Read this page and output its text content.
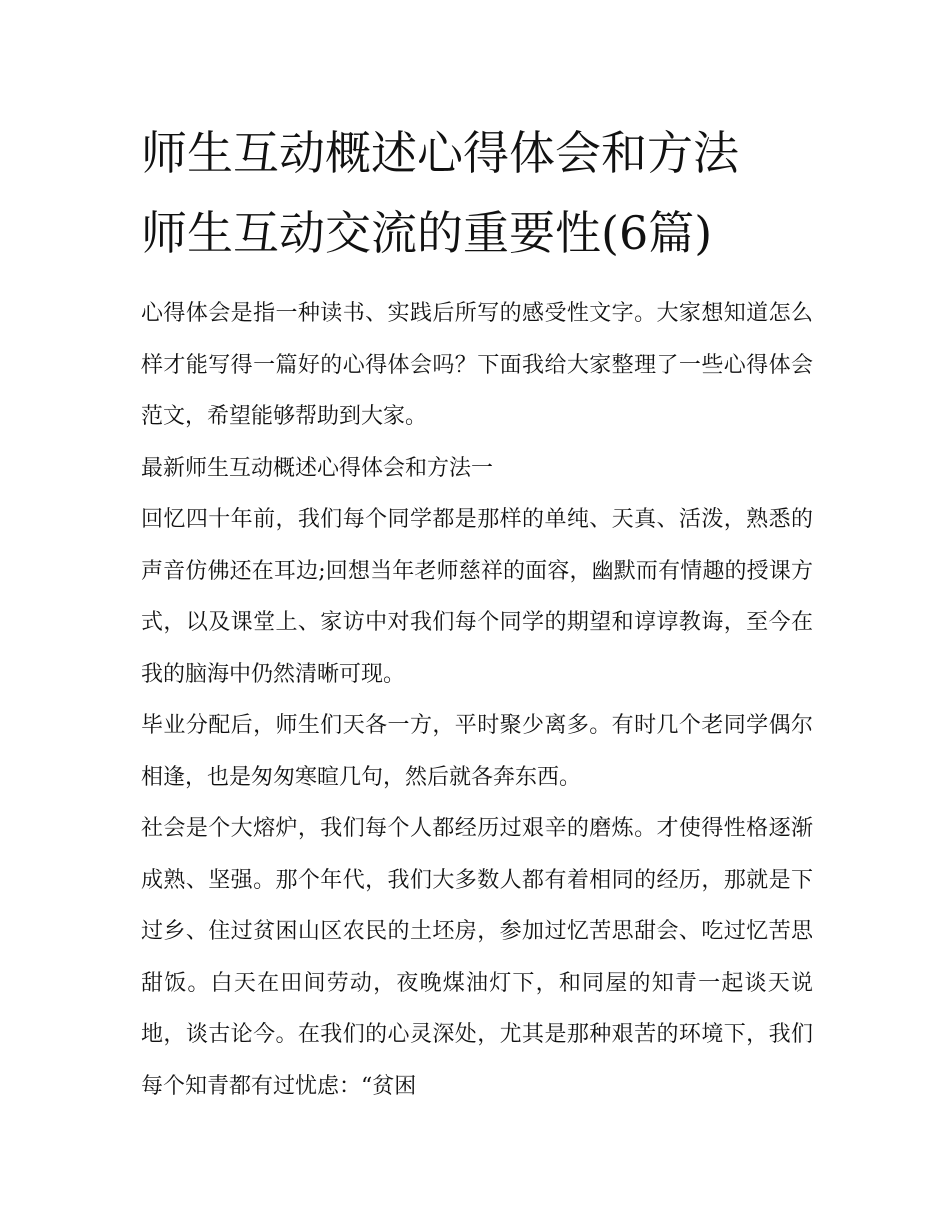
师生互动概述心得体会和方法
师生互动交流的重要性(6篇)

心得体会是指一种读书、实践后所写的感受性文字。大家想知道怎么样才能写得一篇好的心得体会吗？下面我给大家整理了一些心得体会范文，希望能够帮助到大家。

最新师生互动概述心得体会和方法一

回忆四十年前，我们每个同学都是那样的单纯、天真、活泼，熟悉的声音仿佛还在耳边;回想当年老师慈祥的面容，幽默而有情趣的授课方式，以及课堂上、家访中对我们每个同学的期望和谆谆教诲，至今在我的脑海中仍然清晰可现。

毕业分配后，师生们天各一方，平时聚少离多。有时几个老同学偶尔相逢，也是匆匆寒暄几句，然后就各奔东西。

社会是个大熔炉，我们每个人都经历过艰辛的磨炼。才使得性格逐渐成熟、坚强。那个年代，我们大多数人都有着相同的经历，那就是下过乡、住过贫困山区农民的土坯房，参加过忆苦思甜会、吃过忆苦思甜饭。白天在田间劳动，夜晚煤油灯下，和同屋的知青一起谈天说地，谈古论今。在我们的心灵深处，尤其是那种艰苦的环境下，我们每个知青都有过忧虑：“贫困
